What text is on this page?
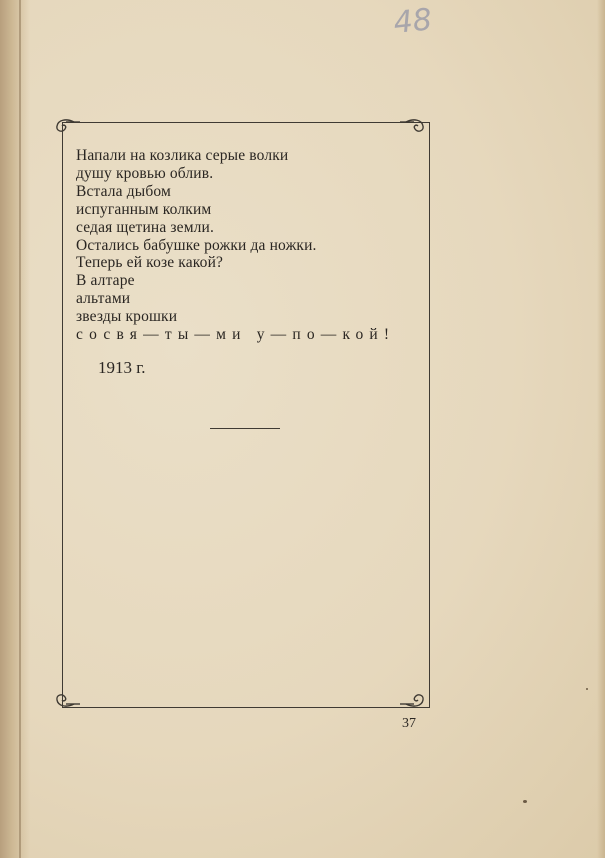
48
Напали на козлика серые волки
душу кровью облив.
Встала дыбом
испуганным колким
седая щетина земли.
Остались бабушке рожки да ножки.
Теперь ей козе какой?
В алтаре
альтами
звезды крошки
сосвя—ты—ми у—по—кой!
1913 г.
37
